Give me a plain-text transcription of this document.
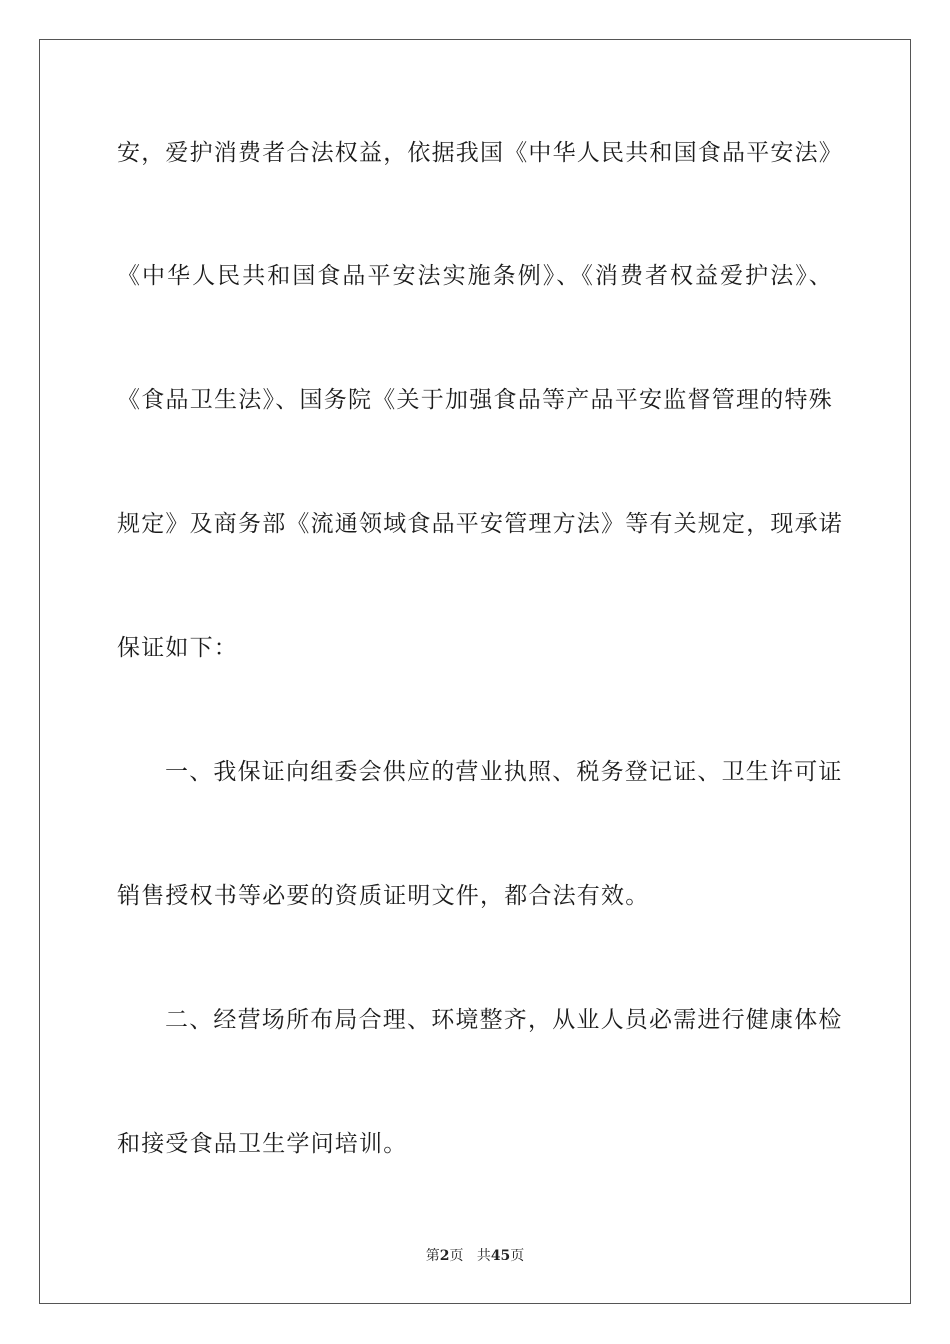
安，爱护消费者合法权益，依据我国《中华人民共和国食品平安法》
《中华人民共和国食品平安法实施条例》、《消费者权益爱护法》、
《食品卫生法》、国务院《关于加强食品等产品平安监督管理的特殊
规定》及商务部《流通领域食品平安管理方法》等有关规定，现承诺
保证如下：
一、我保证向组委会供应的营业执照、税务登记证、卫生许可证
销售授权书等必要的资质证明文件，都合法有效。
二、经营场所布局合理、环境整齐，从业人员必需进行健康体检
和接受食品卫生学问培训。
第2页 共45页
